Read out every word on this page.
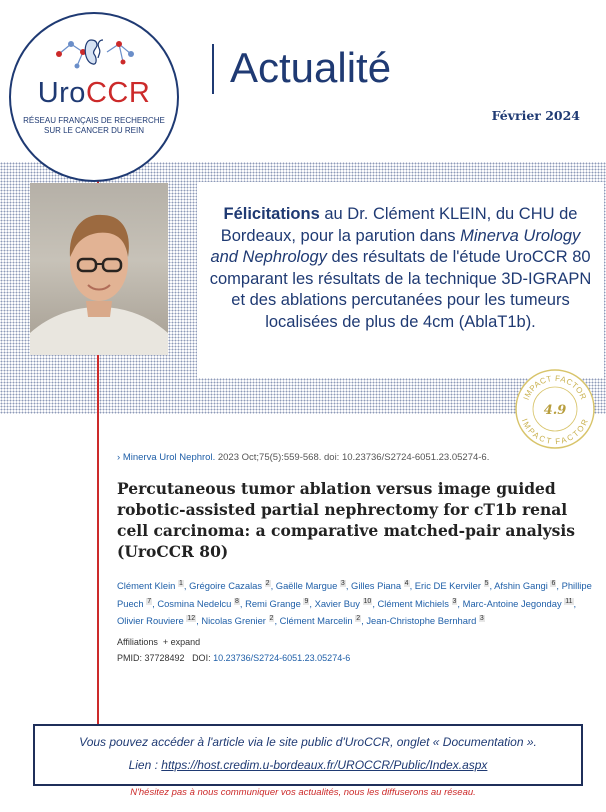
UroCCR
RÉSEAU FRANÇAIS DE RECHERCHE
SUR LE CANCER DU REIN
Actualité
Février 2024
Félicitations au Dr. Clément KLEIN, du CHU de Bordeaux, pour la parution dans Minerva Urology and Nephrology des résultats de l'étude UroCCR 80 comparant les résultats de la technique 3D-IGRAPN et des ablations percutanées pour les tumeurs localisées de plus de 4cm (AblaT1b).
IMPACT FACTOR
IMPACT FACTOR
4.9
› Minerva Urol Nephrol. 2023 Oct;75(5):559-568. doi: 10.23736/S2724-6051.23.05274-6.
Percutaneous tumor ablation versus image guided robotic-assisted partial nephrectomy for cT1b renal cell carcinoma: a comparative matched-pair analysis (UroCCR 80)
Clément Klein $^1$, Grégoire Cazalas $^2$, Gaëlle Margue $^3$, Gilles Piana $^4$, Eric DE Kerviler $^5$, Afshin Gangi $^6$, Phillipe Puech $^7$, Cosmina Nedelcu $^8$, Remi Grange $^9$, Xavier Buy $^{10}$, Clément Michiels $^3$, Marc-Antoine Jegonday $^{11}$, Olivier Rouviere $^{12}$, Nicolas Grenier $^2$, Clément Marcelin $^2$, Jean-Christophe Bernhard $^3$
Affiliations + expand
PMID: 37728492 DOI: 10.23736/S2724-6051.23.05274-6
Vous pouvez accéder à l'article via le site public d'UroCCR, onglet « Documentation ».
Lien : https://host.credim.u-bordeaux.fr/UROCCR/Public/Index.aspx
N'hésitez pas à nous communiquer vos actualités, nous les diffuserons au réseau.
